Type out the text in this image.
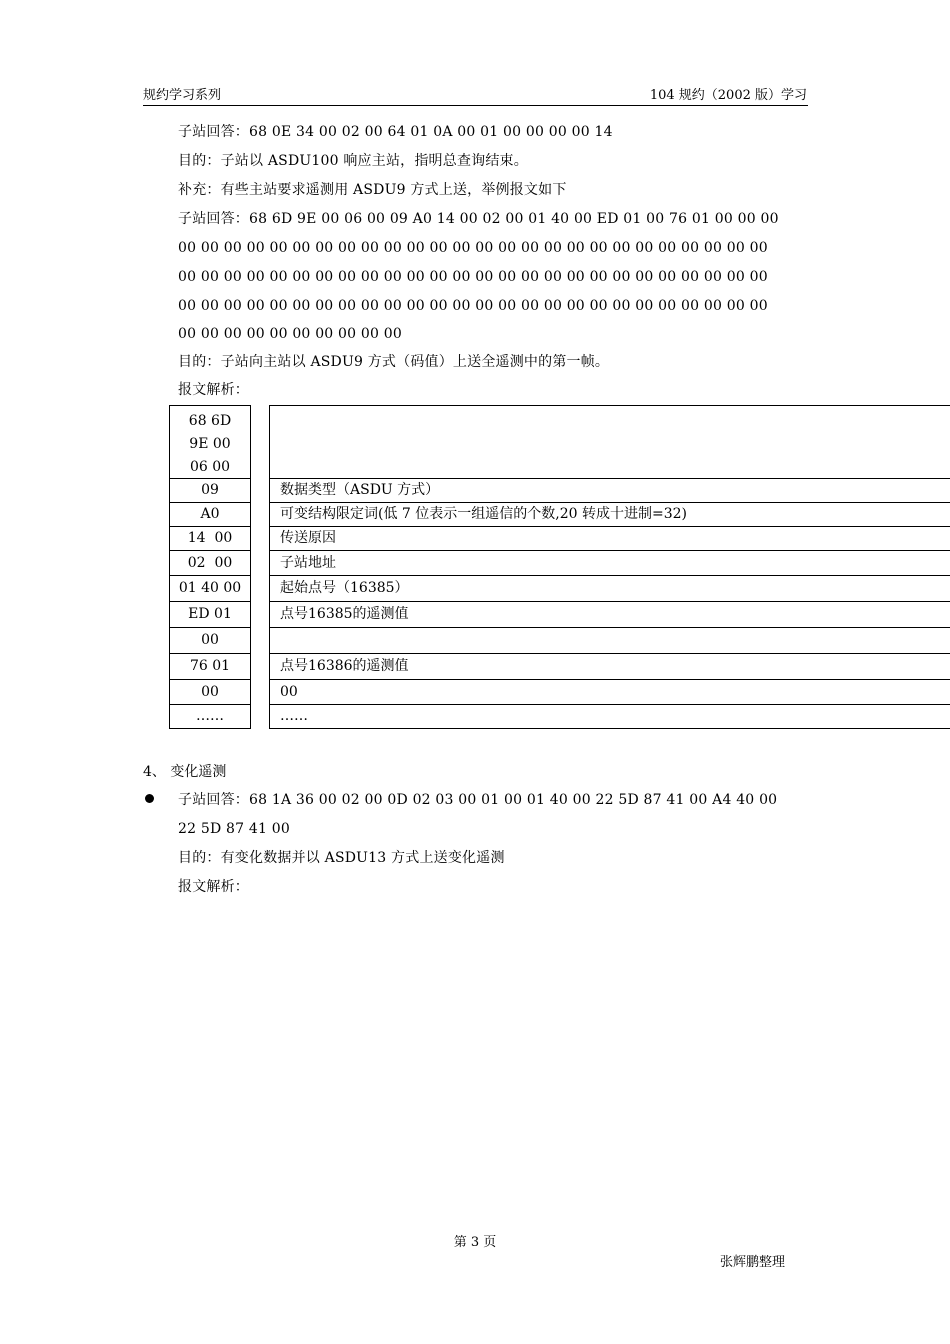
规约学习系列	104 规约（2002 版）学习
子站回答：68 0E 34 00 02 00 64 01 0A 00 01 00 00 00 00 14
目的：子站以 ASDU100 响应主站，指明总查询结束。
补充：有些主站要求遥测用 ASDU9 方式上送，举例报文如下
子站回答：68 6D 9E 00 06 00 09 A0 14 00 02 00 01 40 00 ED 01 00 76 01 00 00 00
00 00 00 00 00 00 00 00 00 00 00 00 00 00 00 00 00 00 00 00 00 00 00 00 00 00
00 00 00 00 00 00 00 00 00 00 00 00 00 00 00 00 00 00 00 00 00 00 00 00 00 00
00 00 00 00 00 00 00 00 00 00 00 00 00 00 00 00 00 00 00 00 00 00 00 00 00 00
00 00 00 00 00 00 00 00 00 00
目的：子站向主站以 ASDU9 方式（码值）上送全遥测中的第一帧。
报文解析：
68 6D
9E 00
06 00
09	数据类型（ASDU 方式）
A0	可变结构限定词(低 7 位表示一组遥信的个数,20 转成十进制=32)
14  00	传送原因
02  00	子站地址
01 40 00	起始点号（16385）
ED 01	点号16385的遥测值
00
76 01	点号16386的遥测值
00	00
……	……
4、 变化遥测
子站回答：68 1A 36 00 02 00 0D 02 03 00 01 00 01 40 00 22 5D 87 41 00 A4 40 00
22 5D 87 41 00
目的：有变化数据并以 ASDU13 方式上送变化遥测
报文解析：
第 3 页
张辉鹏整理
